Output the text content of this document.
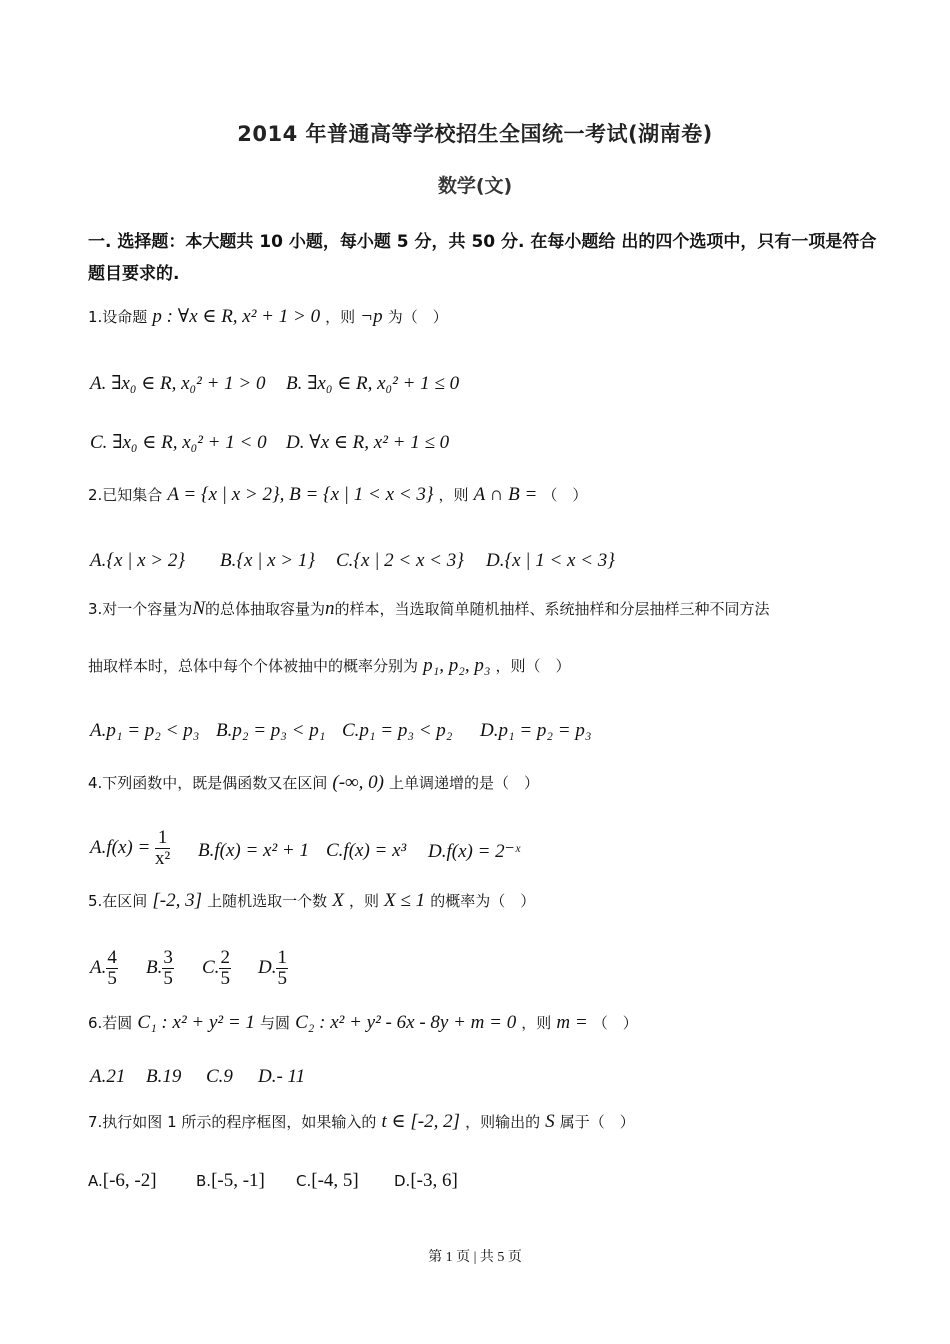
2014 年普通高等学校招生全国统一考试(湖南卷)
数学(文)
一. 选择题：本大题共 10 小题，每小题 5 分，共 50 分. 在每小题给 出的四个选项中，只有一项是符合题目要求的.
1.设命题 p : ∀x ∈ R, x² + 1 > 0 ，则 ¬p 为（　）
A. ∃x₀ ∈ R, x₀² + 1 > 0 B. ∃x₀ ∈ R, x₀² + 1 ≤ 0
C. ∃x₀ ∈ R, x₀² + 1 < 0 D. ∀x ∈ R, x² + 1 ≤ 0
2.已知集合 A = {x | x > 2}, B = {x | 1 < x < 3} ，则 A ∩ B = （　）
A.{x | x > 2} B.{x | x > 1} C.{x | 2 < x < 3} D.{x | 1 < x < 3}
3.对一个容量为N的总体抽取容量为n的样本，当选取简单随机抽样、系统抽样和分层抽样三种不同方法
抽取样本时，总体中每个个体被抽中的概率分别为 p₁, p₂, p₃ ，则（　）
A.p₁ = p₂ < p₃ B.p₂ = p₃ < p₁ C.p₁ = p₃ < p₂ D.p₁ = p₂ = p₃
4.下列函数中，既是偶函数又在区间 (-∞, 0) 上单调递增的是（　）
$A.f(x) = \frac{1}{\text{x²}} B.f(x) = x^2 + 1$ C.f(x) = x³ D.f(x) = 2⁻ˣ
5.在区间 [-2, 3] 上随机选取一个数 X ，则 X ≤ 1 的概率为（　）
A. $\frac{4}{5} B$. $\frac{3}{5} C$. $\frac{2}{5} D$. $\frac{1}{5}$
6.若圆 C₁ : x² + y² = 1 与圆 C₂ : x² + y² - 6x - 8y + m = 0 ，则 m = （　）
A.21 B.19 C.9 D.- 11
7.执行如图 1 所示的程序框图，如果输入的 t ∈ [-2, 2] ，则输出的 S 属于（　）
A.[-6, -2]	B.[-5, -1] C.[-4, 5] D.[-3, 6]
第 1 页 | 共 5 页
